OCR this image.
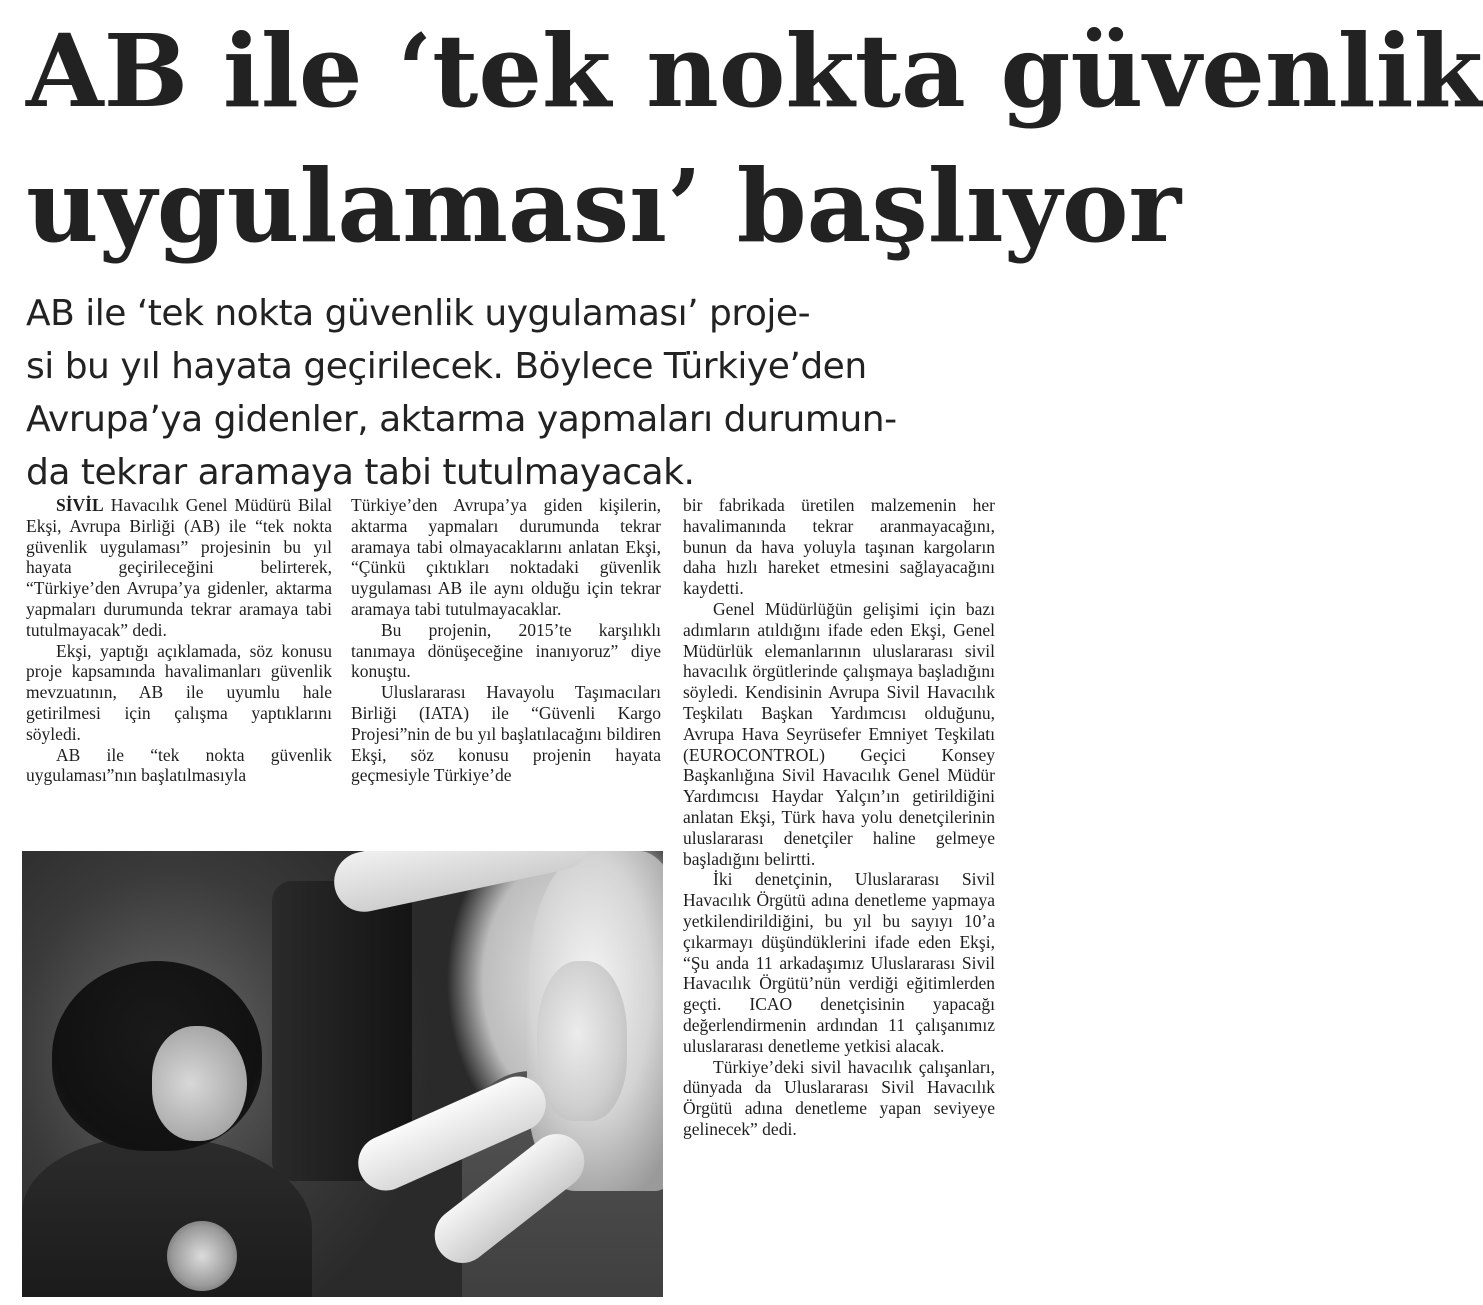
AB ile ‘tek nokta güvenlik
uygulaması’ başlıyor
AB ile ‘tek nokta güvenlik uygulaması’ proje-
si bu yıl hayata geçirilecek. Böylece Türkiye’den
Avrupa’ya gidenler, aktarma yapmaları durumun-
da tekrar aramaya tabi tutulmayacak.

SİVİL Havacılık Genel Müdürü Bilal Ekşi, Avrupa Birliği (AB) ile “tek nokta güvenlik uygulaması” projesinin bu yıl hayata geçirileceğini belirterek, “Türkiye’den Avrupa’ya gidenler, aktarma yapmaları durumunda tekrar aramaya tabi tutulmayacak” dedi.

Ekşi, yaptığı açıklamada, söz konusu proje kapsamında havalimanları güvenlik mevzuatının, AB ile uyumlu hale getirilmesi için çalışma yaptıklarını söyledi.

AB ile “tek nokta güvenlik uygulaması”nın başlatılmasıyla

Türkiye’den Avrupa’ya giden kişilerin, aktarma yapmaları durumunda tekrar aramaya tabi olmayacaklarını anlatan Ekşi, “Çünkü çıktıkları noktadaki güvenlik uygulaması AB ile aynı olduğu için tekrar aramaya tabi tutulmayacaklar.

Bu projenin, 2015’te karşılıklı tanımaya dönüşeceğine inanıyoruz” diye konuştu.

Uluslararası Havayolu Taşımacıları Birliği (IATA) ile “Güvenli Kargo Projesi”nin de bu yıl başlatılacağını bildiren Ekşi, söz konusu projenin hayata geçmesiyle Türkiye’de

bir fabrikada üretilen malzemenin her havalimanında tekrar aranmayacağını, bunun da hava yoluyla taşınan kargoların daha hızlı hareket etmesini sağlayacağını kaydetti.

Genel Müdürlüğün gelişimi için bazı adımların atıldığını ifade eden Ekşi, Genel Müdürlük elemanlarının uluslararası sivil havacılık örgütlerinde çalışmaya başladığını söyledi. Kendisinin Avrupa Sivil Havacılık Teşkilatı Başkan Yardımcısı olduğunu, Avrupa Hava Seyrüsefer Emniyet Teşkilatı (EUROCONTROL) Geçici Konsey Başkanlığına Sivil Havacılık Genel Müdür Yardımcısı Haydar Yalçın’ın getirildiğini anlatan Ekşi, Türk hava yolu denetçilerinin uluslararası denetçiler haline gelmeye başladığını belirtti.

İki denetçinin, Uluslararası Sivil Havacılık Örgütü adına denetleme yapmaya yetkilendirildiğini, bu yıl bu sayıyı 10’a çıkarmayı düşündüklerini ifade eden Ekşi, “Şu anda 11 arkadaşımız Uluslararası Sivil Havacılık Örgütü’nün verdiği eğitimlerden geçti. ICAO denetçisinin yapacağı değerlendirmenin ardından 11 çalışanımız uluslararası denetleme yetkisi alacak.

Türkiye’deki sivil havacılık çalışanları, dünyada da Uluslararası Sivil Havacılık Örgütü adına denetleme yapan seviyeye gelinecek” dedi.
